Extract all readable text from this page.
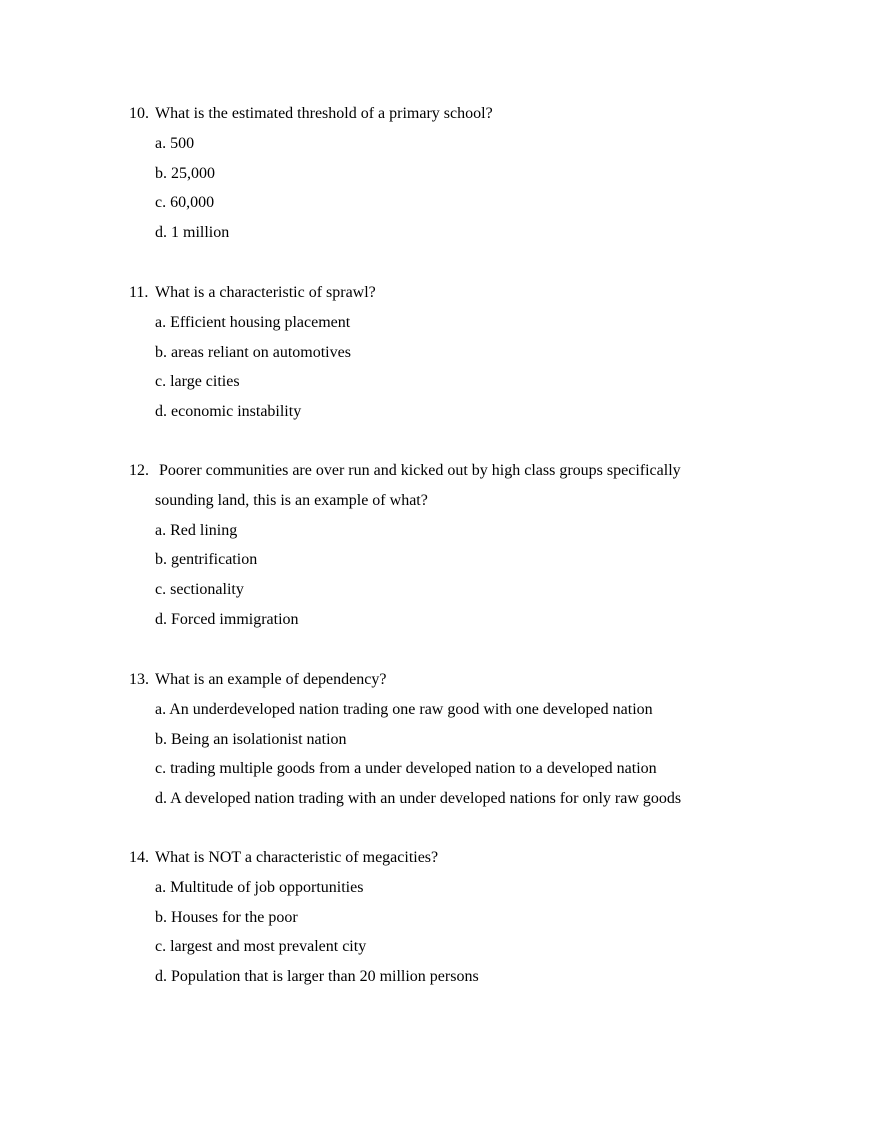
10. What is the estimated threshold of a primary school?
a. 500
b. 25,000
c. 60,000
d. 1 million
11. What is a characteristic of sprawl?
a. Efficient housing placement
b. areas reliant on automotives
c. large cities
d. economic instability
12. Poorer communities are over run and kicked out by high class groups specifically
sounding land, this is an example of what?
a. Red lining
b. gentrification
c. sectionality
d. Forced immigration
13. What is an example of dependency?
a. An underdeveloped nation trading one raw good with one developed nation
b. Being an isolationist nation
c. trading multiple goods from a under developed nation to a developed nation
d. A developed nation trading with an under developed nations for only raw goods
14. What is NOT a characteristic of megacities?
a. Multitude of job opportunities
b. Houses for the poor
c. largest and most prevalent city
d. Population that is larger than 20 million persons
